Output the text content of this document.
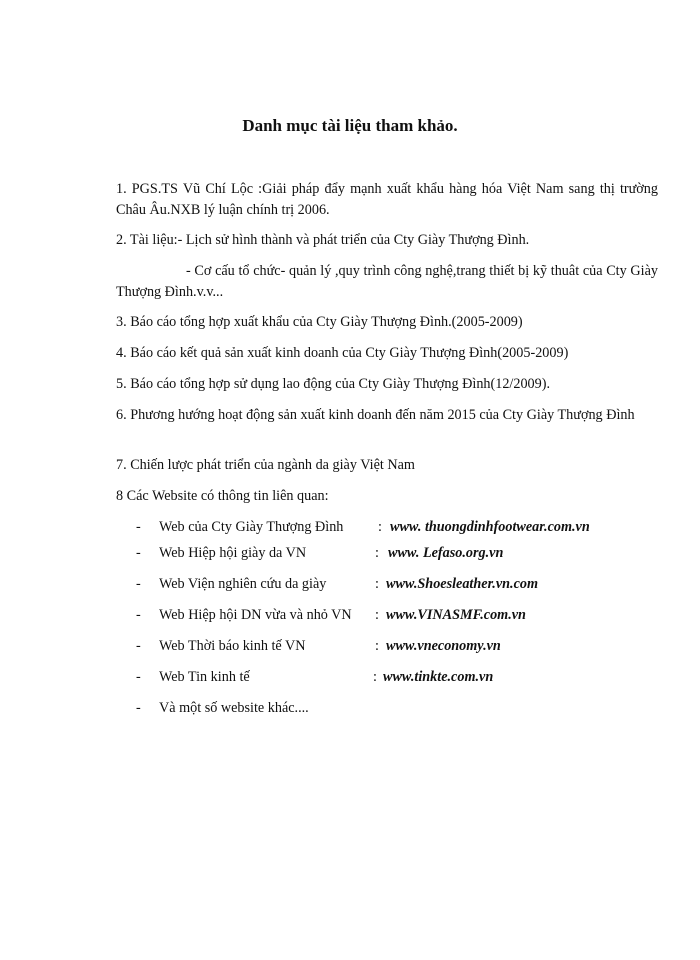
Danh mục tài liệu tham khảo.

1. PGS.TS Vũ Chí Lộc :Giải pháp đẩy mạnh xuất khẩu hàng hóa Việt Nam sang thị trường Châu Âu.NXB lý luận chính trị 2006.

2. Tài liệu:- Lịch sử hình thành và phát triển của Cty Giày Thượng Đình.

- Cơ cấu tổ chức- quản lý ,quy trình công nghệ,trang thiết bị kỹ thuât của Cty Giày Thượng Đình.v.v...

3. Báo cáo tổng hợp xuất khẩu của Cty Giày Thượng Đình.(2005-2009)

4. Báo cáo kết quả sản xuất kinh doanh của Cty Giày Thượng Đình(2005-2009)

5. Báo cáo tổng hợp sử dụng lao động của Cty Giày Thượng Đình(12/2009).

6. Phương hướng hoạt động sản xuất kinh doanh đến năm 2015 của Cty Giày Thượng Đình

7. Chiến lược phát triển của ngành da giày Việt Nam

8 Các Website có thông tin liên quan:

- Web của Cty Giày Thượng Đình : www. thuongdinhfootwear.com.vn
- Web Hiệp hội giày da VN	: www. Lefaso.org.vn
- Web Viện nghiên cứu da giày	: www.Shoesleather.vn.com
- Web Hiệp hội DN vừa và nhỏ VN : www.VINASMF.com.vn
- Web Thời báo kinh tế VN	: www.vneconomy.vn
- Web Tin kinh tế	: www.tinkte.com.vn
- Và một số website khác....
